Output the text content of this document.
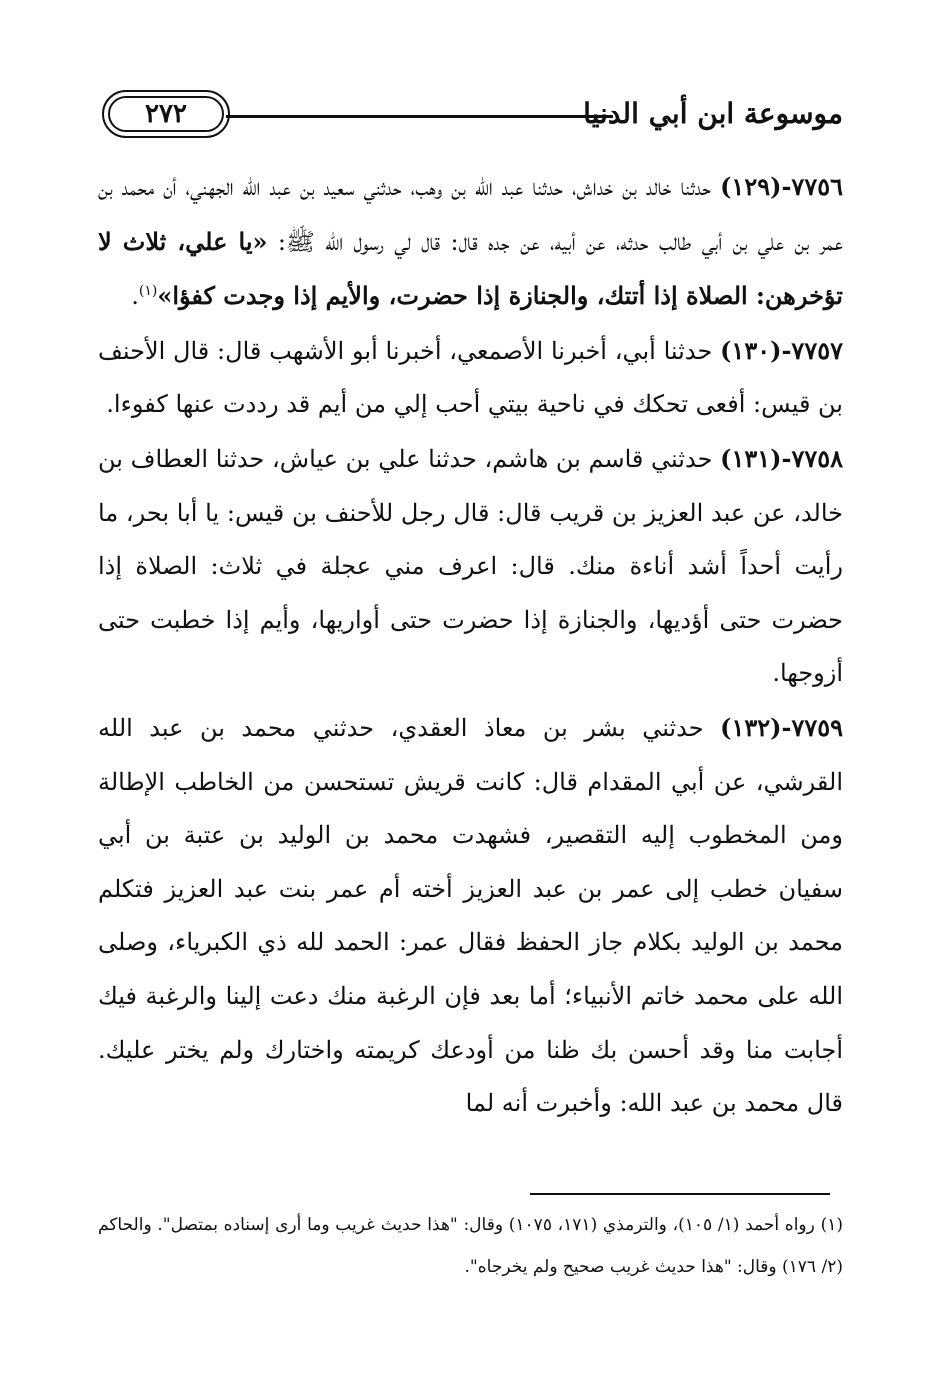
موسوعة ابن أبي الدنيا
٢٧٢

٧٧٥٦-(١٢٩) حدثنا خالد بن خداش، حدثنا عبد الله بن وهب، حدثني سعيد بن عبد الله الجهني، أن محمد بن عمر بن علي بن أبي طالب حدثه، عن أبيه، عن جده قال: قال لي رسول الله ﷺ: «يا علي، ثلاث لا تؤخرهن: الصلاة إذا أتتك، والجنازة إذا حضرت، والأيم إذا وجدت كفؤا»$^{(١)}$.

٧٧٥٧-(١٣٠) حدثنا أبي، أخبرنا الأصمعي، أخبرنا أبو الأشهب قال: قال الأحنف بن قيس: أفعى تحكك في ناحية بيتي أحب إلي من أيم قد رددت عنها كفوءا.

٧٧٥٨-(١٣١) حدثني قاسم بن هاشم، حدثنا علي بن عياش، حدثنا العطاف بن خالد، عن عبد العزيز بن قريب قال: قال رجل للأحنف بن قيس: يا أبا بحر، ما رأيت أحداً أشد أناءة منك. قال: اعرف مني عجلة في ثلاث: الصلاة إذا حضرت حتى أؤديها، والجنازة إذا حضرت حتى أواريها، وأيم إذا خطبت حتى أزوجها.

٧٧٥٩-(١٣٢) حدثني بشر بن معاذ العقدي، حدثني محمد بن عبد الله القرشي، عن أبي المقدام قال: كانت قريش تستحسن من الخاطب الإطالة ومن المخطوب إليه التقصير، فشهدت محمد بن الوليد بن عتبة بن أبي سفيان خطب إلى عمر بن عبد العزيز أخته أم عمر بنت عبد العزيز فتكلم محمد بن الوليد بكلام جاز الحفظ فقال عمر: الحمد لله ذي الكبرياء، وصلى الله على محمد خاتم الأنبياء؛ أما بعد فإن الرغبة منك دعت إلينا والرغبة فيك أجابت منا وقد أحسن بك ظنا من أودعك كريمته واختارك ولم يختر عليك. قال محمد بن عبد الله: وأخبرت أنه لما

(١) رواه أحمد (١/ ١٠٥)، والترمذي (١٧١، ١٠٧٥) وقال: "هذا حديث غريب وما أرى إسناده بمتصل". والحاكم (٢/ ١٧٦) وقال: "هذا حديث غريب صحيح ولم يخرجاه".
